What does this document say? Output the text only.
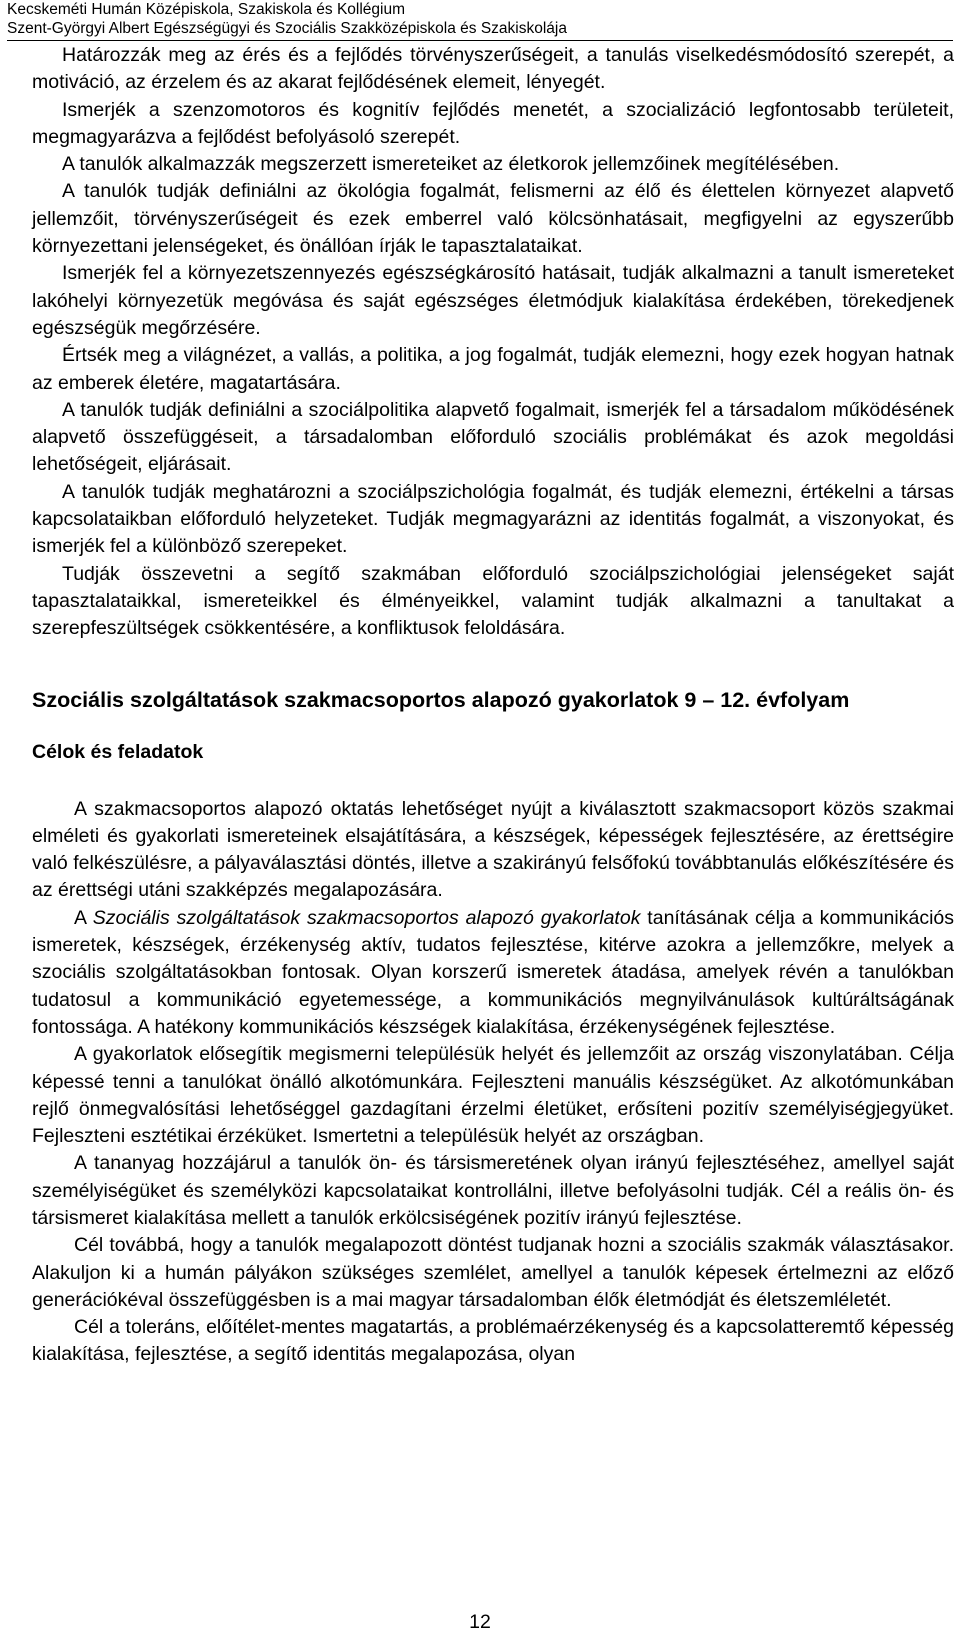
Kecskeméti Humán Középiskola, Szakiskola és Kollégium
Szent-Györgyi Albert Egészségügyi és Szociális Szakközépiskola és Szakiskolája

Határozzák meg az érés és a fejlődés törvényszerűségeit, a tanulás viselkedésmódosító szerepét, a motiváció, az érzelem és az akarat fejlődésének elemeit, lényegét.

Ismerjék a szenzomotoros és kognitív fejlődés menetét, a szocializáció legfontosabb területeit, megmagyarázva a fejlődést befolyásoló szerepét.

A tanulók alkalmazzák megszerzett ismereteiket az életkorok jellemzőinek megítélésében.

A tanulók tudják definiálni az ökológia fogalmát, felismerni az élő és élettelen környezet alapvető jellemzőit, törvényszerűségeit és ezek emberrel való kölcsönhatásait, megfigyelni az egyszerűbb környezettani jelenségeket, és önállóan írják le tapasztalataikat.

Ismerjék fel a környezetszennyezés egészségkárosító hatásait, tudják alkalmazni a tanult ismereteket lakóhelyi környezetük megóvása és saját egészséges életmódjuk kialakítása érdekében, törekedjenek egészségük megőrzésére.

Értsék meg a világnézet, a vallás, a politika, a jog fogalmát, tudják elemezni, hogy ezek hogyan hatnak az emberek életére, magatartására.

A tanulók tudják definiálni a szociálpolitika alapvető fogalmait, ismerjék fel a társadalom működésének alapvető összefüggéseit, a társadalomban előforduló szociális problémákat és azok megoldási lehetőségeit, eljárásait.

A tanulók tudják meghatározni a szociálpszichológia fogalmát, és tudják elemezni, értékelni a társas kapcsolataikban előforduló helyzeteket. Tudják megmagyarázni az identitás fogalmát, a viszonyokat, és ismerjék fel a különböző szerepeket.

Tudják összevetni a segítő szakmában előforduló szociálpszichológiai jelenségeket saját tapasztalataikkal, ismereteikkel és élményeikkel, valamint tudják alkalmazni a tanultakat a szerepfeszültségek csökkentésére, a konfliktusok feloldására.

Szociális szolgáltatások szakmacsoportos alapozó gyakorlatok 9 – 12. évfolyam
Célok és feladatok

A szakmacsoportos alapozó oktatás lehetőséget nyújt a kiválasztott szakmacsoport közös szakmai elméleti és gyakorlati ismereteinek elsajátítására, a készségek, képességek fejlesztésére, az érettségire való felkészülésre, a pályaválasztási döntés, illetve a szakirányú felsőfokú továbbtanulás előkészítésére és az érettségi utáni szakképzés megalapozására.

A Szociális szolgáltatások szakmacsoportos alapozó gyakorlatok tanításának célja a kommunikációs ismeretek, készségek, érzékenység aktív, tudatos fejlesztése, kitérve azokra a jellemzőkre, melyek a szociális szolgáltatásokban fontosak. Olyan korszerű ismeretek átadása, amelyek révén a tanulókban tudatosul a kommunikáció egyetemessége, a kommunikációs megnyilvánulások kultúráltságának fontossága. A hatékony kommunikációs készségek kialakítása, érzékenységének fejlesztése.

A gyakorlatok elősegítik megismerni településük helyét és jellemzőit az ország viszonylatában. Célja képessé tenni a tanulókat önálló alkotómunkára. Fejleszteni manuális készségüket. Az alkotómunkában rejlő önmegvalósítási lehetőséggel gazdagítani érzelmi életüket, erősíteni pozitív személyiségjegyüket. Fejleszteni esztétikai érzéküket. Ismertetni a településük helyét az országban.

A tananyag hozzájárul a tanulók ön- és társismeretének olyan irányú fejlesztéséhez, amellyel saját személyiségüket és személyközi kapcsolataikat kontrollálni, illetve befolyásolni tudják. Cél a reális ön- és társismeret kialakítása mellett a tanulók erkölcsiségének pozitív irányú fejlesztése.

Cél továbbá, hogy a tanulók megalapozott döntést tudjanak hozni a szociális szakmák választásakor. Alakuljon ki a humán pályákon szükséges szemlélet, amellyel a tanulók képesek értelmezni az előző generációkéval összefüggésben is a mai magyar társadalomban élők életmódját és életszemléletét.

Cél a toleráns, előítélet-mentes magatartás, a problémaérzékenység és a kapcsolatteremtő képesség kialakítása, fejlesztése, a segítő identitás megalapozása, olyan

12
